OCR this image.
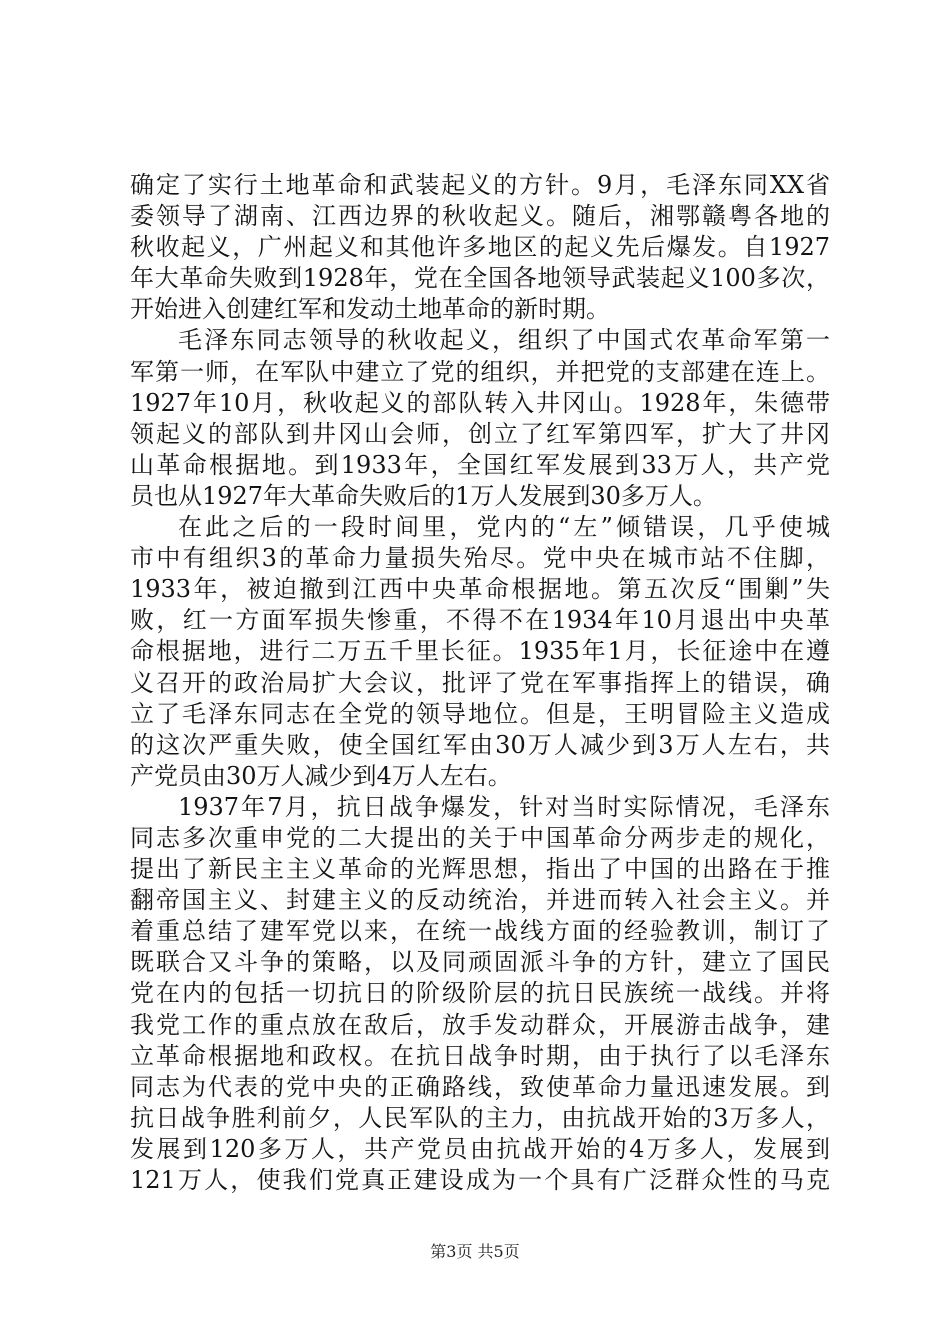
确定了实行土地革命和武装起义的方针。9月，毛泽东同XX省
委领导了湖南、江西边界的秋收起义。随后，湘鄂赣粤各地的
秋收起义，广州起义和其他许多地区的起义先后爆发。自1927
年大革命失败到1928年，党在全国各地领导武装起义100多次，
开始进入创建红军和发动土地革命的新时期。
毛泽东同志领导的秋收起义，组织了中国式农革命军第一
军第一师，在军队中建立了党的组织，并把党的支部建在连上。
1927年10月，秋收起义的部队转入井冈山。1928年，朱德带
领起义的部队到井冈山会师，创立了红军第四军，扩大了井冈
山革命根据地。到1933年，全国红军发展到33万人，共产党
员也从1927年大革命失败后的1万人发展到30多万人。
在此之后的一段时间里，党内的“左”倾错误，几乎使城
市中有组织3的革命力量损失殆尽。党中央在城市站不住脚，
1933年，被迫撤到江西中央革命根据地。第五次反“围剿”失
败，红一方面军损失惨重，不得不在1934年10月退出中央革
命根据地，进行二万五千里长征。1935年1月，长征途中在遵
义召开的政治局扩大会议，批评了党在军事指挥上的错误，确
立了毛泽东同志在全党的领导地位。但是，王明冒险主义造成
的这次严重失败，使全国红军由30万人减少到3万人左右，共
产党员由30万人减少到4万人左右。
1937年7月，抗日战争爆发，针对当时实际情况，毛泽东
同志多次重申党的二大提出的关于中国革命分两步走的规化，
提出了新民主主义革命的光辉思想，指出了中国的出路在于推
翻帝国主义、封建主义的反动统治，并进而转入社会主义。并
着重总结了建军党以来，在统一战线方面的经验教训，制订了
既联合又斗争的策略，以及同顽固派斗争的方针，建立了国民
党在内的包括一切抗日的阶级阶层的抗日民族统一战线。并将
我党工作的重点放在敌后，放手发动群众，开展游击战争，建
立革命根据地和政权。在抗日战争时期，由于执行了以毛泽东
同志为代表的党中央的正确路线，致使革命力量迅速发展。到
抗日战争胜利前夕，人民军队的主力，由抗战开始的3万多人，
发展到120多万人，共产党员由抗战开始的4万多人，发展到
121万人，使我们党真正建设成为一个具有广泛群众性的马克
第3页 共5页
